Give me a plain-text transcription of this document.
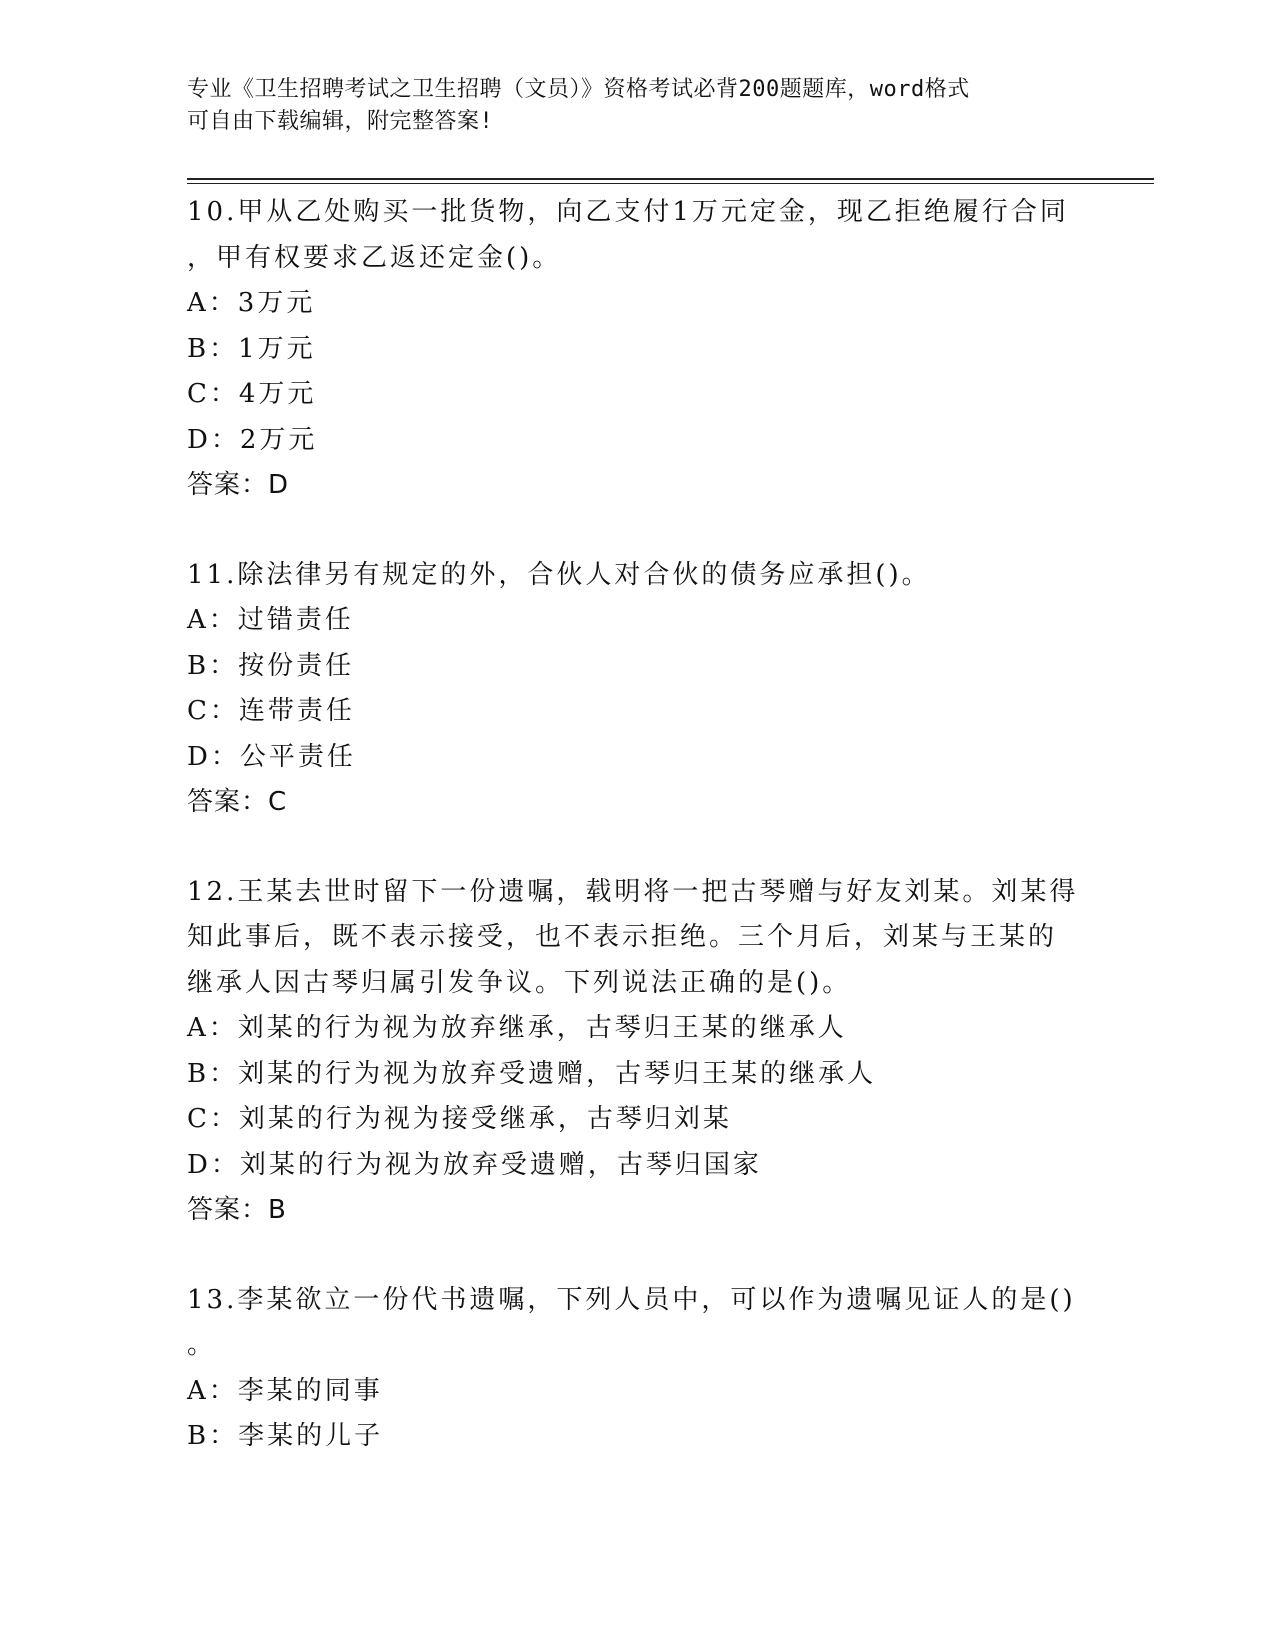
专业《卫生招聘考试之卫生招聘（文员）》资格考试必背200题题库，word格式
可自由下载编辑，附完整答案!
10.甲从乙处购买一批货物，向乙支付1万元定金，现乙拒绝履行合同
，甲有权要求乙返还定金()。
A：3万元
B：1万元
C：4万元
D：2万元
答案：D
11.除法律另有规定的外，合伙人对合伙的债务应承担()。
A：过错责任
B：按份责任
C：连带责任
D：公平责任
答案：C
12.王某去世时留下一份遗嘱，载明将一把古琴赠与好友刘某。刘某得
知此事后，既不表示接受，也不表示拒绝。三个月后，刘某与王某的
继承人因古琴归属引发争议。下列说法正确的是()。
A：刘某的行为视为放弃继承，古琴归王某的继承人
B：刘某的行为视为放弃受遗赠，古琴归王某的继承人
C：刘某的行为视为接受继承，古琴归刘某
D：刘某的行为视为放弃受遗赠，古琴归国家
答案：B
13.李某欲立一份代书遗嘱，下列人员中，可以作为遗嘱见证人的是()
。
A：李某的同事
B：李某的儿子
